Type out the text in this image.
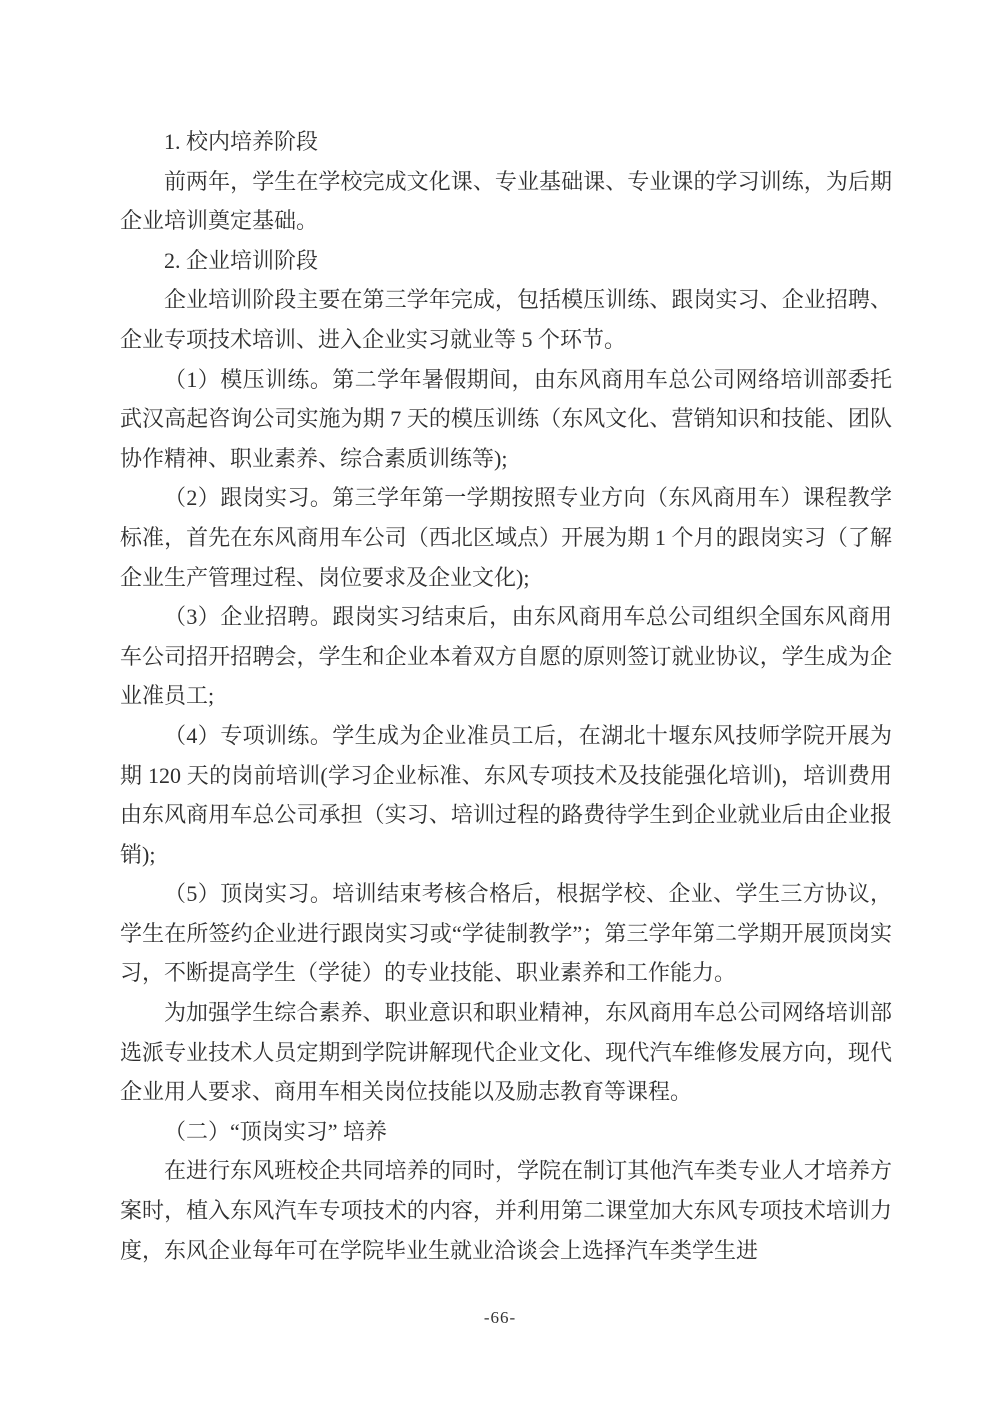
1. 校内培养阶段

前两年，学生在学校完成文化课、专业基础课、专业课的学习训练，为后期企业培训奠定基础。

2. 企业培训阶段

企业培训阶段主要在第三学年完成，包括模压训练、跟岗实习、企业招聘、企业专项技术培训、进入企业实习就业等 5 个环节。

（1）模压训练。第二学年暑假期间，由东风商用车总公司网络培训部委托武汉高起咨询公司实施为期 7 天的模压训练（东风文化、营销知识和技能、团队协作精神、职业素养、综合素质训练等);

（2）跟岗实习。第三学年第一学期按照专业方向（东风商用车）课程教学标准，首先在东风商用车公司（西北区域点）开展为期 1 个月的跟岗实习（了解企业生产管理过程、岗位要求及企业文化);

（3）企业招聘。跟岗实习结束后，由东风商用车总公司组织全国东风商用车公司招开招聘会，学生和企业本着双方自愿的原则签订就业协议，学生成为企业准员工;

（4）专项训练。学生成为企业准员工后，在湖北十堰东风技师学院开展为期 120 天的岗前培训(学习企业标准、东风专项技术及技能强化培训)，培训费用由东风商用车总公司承担（实习、培训过程的路费待学生到企业就业后由企业报销);

（5）顶岗实习。培训结束考核合格后，根据学校、企业、学生三方协议，学生在所签约企业进行跟岗实习或“学徒制教学”；第三学年第二学期开展顶岗实习，不断提高学生（学徒）的专业技能、职业素养和工作能力。

为加强学生综合素养、职业意识和职业精神，东风商用车总公司网络培训部选派专业技术人员定期到学院讲解现代企业文化、现代汽车维修发展方向，现代企业用人要求、商用车相关岗位技能以及励志教育等课程。

（二）“顶岗实习” 培养

在进行东风班校企共同培养的同时，学院在制订其他汽车类专业人才培养方案时，植入东风汽车专项技术的内容，并利用第二课堂加大东风专项技术培训力度，东风企业每年可在学院毕业生就业洽谈会上选择汽车类学生进

-66-
